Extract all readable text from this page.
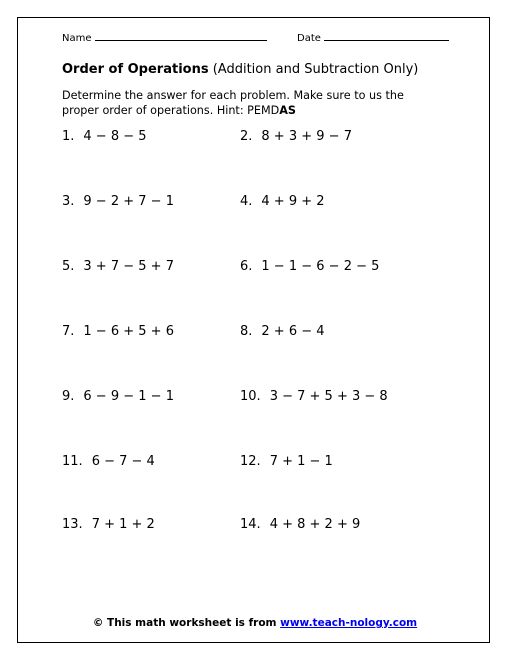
Name	Date
Order of Operations (Addition and Subtraction Only)
Determine the answer for each problem. Make sure to us the proper order of operations. Hint: PEMDAS
1. 4 − 8 − 5	2. 8 + 3 + 9 − 7
3. 9 − 2 + 7 − 1	4. 4 + 9 + 2
5. 3 + 7 − 5 + 7	6. 1 − 1 − 6 − 2 − 5
7. 1 − 6 + 5 + 6	8. 2 + 6 − 4
9. 6 − 9 − 1 − 1	10. 3 − 7 + 5 + 3 − 8
11. 6 − 7 − 4	12. 7 + 1 − 1
13. 7 + 1 + 2	14. 4 + 8 + 2 + 9
© This math worksheet is from www.teach-nology.com
